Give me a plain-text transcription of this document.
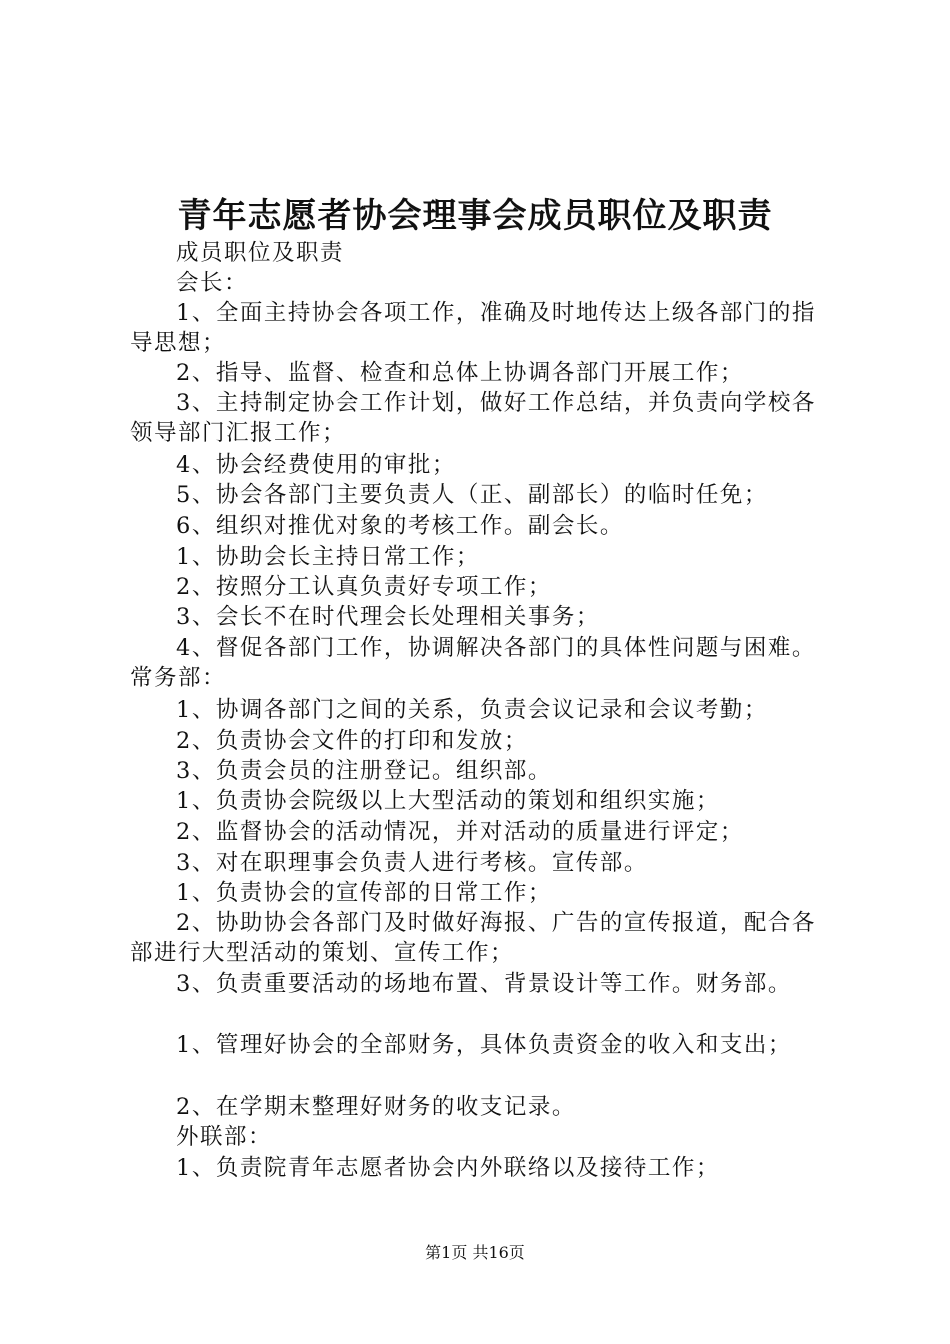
青年志愿者协会理事会成员职位及职责

成员职位及职责

会长：

1、全面主持协会各项工作，准确及时地传达上级各部门的指导思想；

2、指导、监督、检查和总体上协调各部门开展工作；

3、主持制定协会工作计划，做好工作总结，并负责向学校各领导部门汇报工作；

4、协会经费使用的审批；

5、协会各部门主要负责人（正、副部长）的临时任免；

6、组织对推优对象的考核工作。副会长。

1、协助会长主持日常工作；

2、按照分工认真负责好专项工作；

3、会长不在时代理会长处理相关事务；

4、督促各部门工作，协调解决各部门的具体性问题与困难。

常务部：

1、协调各部门之间的关系，负责会议记录和会议考勤；

2、负责协会文件的打印和发放；

3、负责会员的注册登记。组织部。

1、负责协会院级以上大型活动的策划和组织实施；

2、监督协会的活动情况，并对活动的质量进行评定；

3、对在职理事会负责人进行考核。宣传部。

1、负责协会的宣传部的日常工作；

2、协助协会各部门及时做好海报、广告的宣传报道，配合各部进行大型活动的策划、宣传工作；

3、负责重要活动的场地布置、背景设计等工作。财务部。

1、管理好协会的全部财务，具体负责资金的收入和支出；

2、在学期末整理好财务的收支记录。

外联部：

1、负责院青年志愿者协会内外联络以及接待工作；

第1页 共16页
